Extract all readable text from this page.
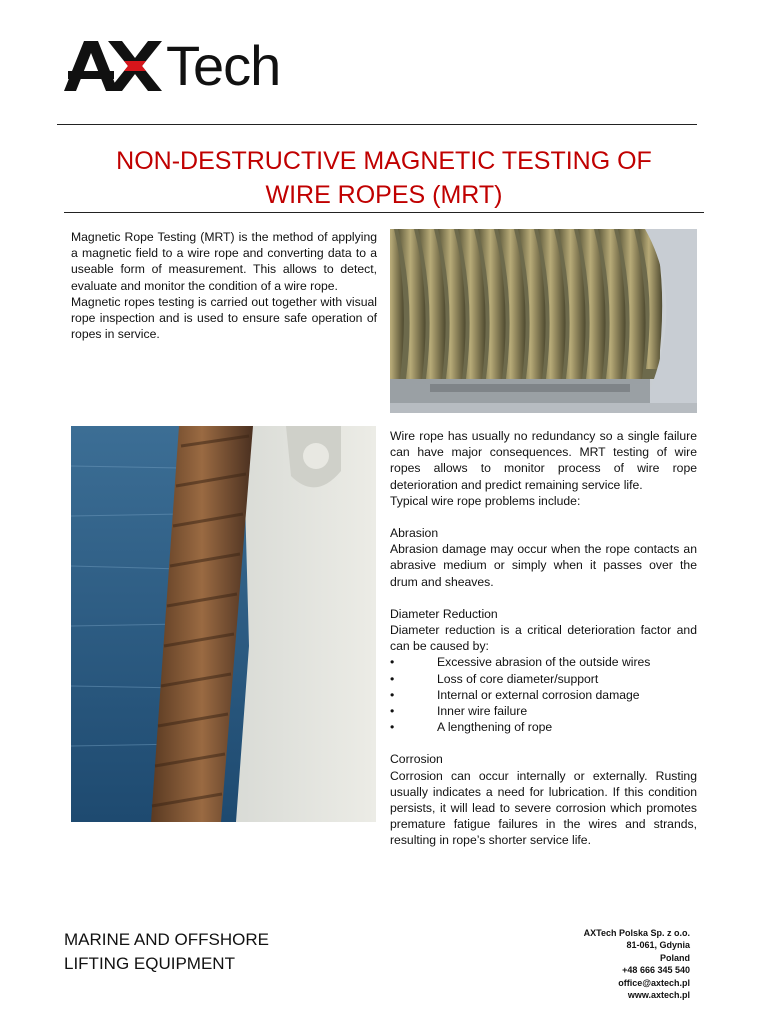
Tech
NON-DESTRUCTIVE MAGNETIC TESTING OF
WIRE ROPES (MRT)

Magnetic Rope Testing (MRT) is the method of applying a magnetic field to a wire rope and converting data to a useable form of measurement. This allows to detect, evaluate and monitor the condition of a wire rope.

Magnetic ropes testing is carried out together with visual rope inspection and is used to ensure safe operation of ropes in service.

Wire rope has usually no redundancy so a single failure can have major consequences. MRT testing of wire ropes allows to monitor process of wire rope deterioration and predict remaining service life.

Typical wire rope problems include:

Abrasion

Abrasion damage may occur when the rope contacts an abrasive medium or simply when it passes over the drum and sheaves.

Diameter Reduction

Diameter reduction is a critical deterioration factor and can be caused by:

•	Excessive abrasion of the outside wires
•	Loss of core diameter/support
•	Internal or external corrosion damage
•	Inner wire failure
•	A lengthening of rope

Corrosion

Corrosion can occur internally or externally. Rusting usually indicates a need for lubrication. If this condition persists, it will lead to severe corrosion which promotes premature fatigue failures in the wires and strands, resulting in rope’s shorter service life.

MARINE AND OFFSHORE
LIFTING EQUIPMENT
AXTech Polska Sp. z o.o.
81-061, Gdynia
Poland
+48 666 345 540
office@axtech.pl
www.axtech.pl
